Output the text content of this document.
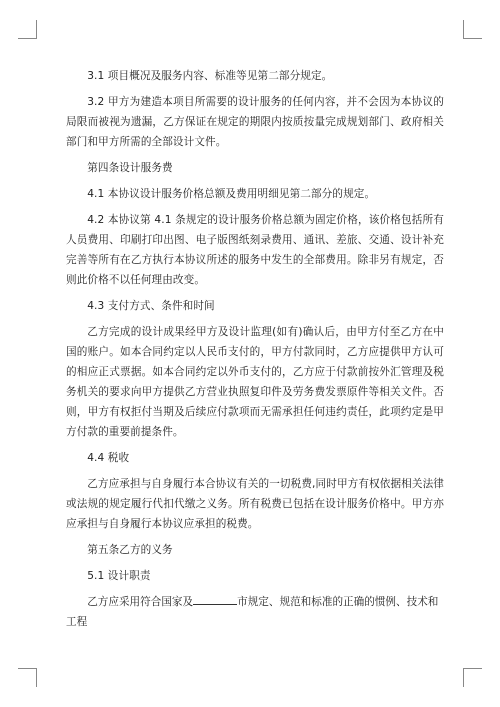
3.1 项目概况及服务内容、标准等见第二部分规定。

3.2 甲方为建造本项目所需要的设计服务的任何内容，并不会因为本协议的局限而被视为遗漏，乙方保证在规定的期限内按质按量完成规划部门、政府相关部门和甲方所需的全部设计文件。

第四条设计服务费

4.1 本协议设计服务价格总额及费用明细见第二部分的规定。

4.2 本协议第 4.1 条规定的设计服务价格总额为固定价格，该价格包括所有人员费用、印刷打印出图、电子版图纸刻录费用、通讯、差旅、交通、设计补充完善等所有在乙方执行本协议所述的服务中发生的全部费用。除非另有规定，否则此价格不以任何理由改变。

4.3 支付方式、条件和时间

乙方完成的设计成果经甲方及设计监理(如有)确认后，由甲方付至乙方在中国的账户。如本合同约定以人民币支付的，甲方付款同时，乙方应提供甲方认可的相应正式票据。如本合同约定以外币支付的，乙方应于付款前按外汇管理及税务机关的要求向甲方提供乙方营业执照复印件及劳务费发票原件等相关文件。否则，甲方有权拒付当期及后续应付款项而无需承担任何违约责任，此项约定是甲方付款的重要前提条件。

4.4 税收

乙方应承担与自身履行本合协议有关的一切税费,同时甲方有权依据相关法律或法规的规定履行代扣代缴之义务。所有税费已包括在设计服务价格中。甲方亦应承担与自身履行本协议应承担的税费。

第五条乙方的义务

5.1 设计职责

乙方应采用符合国家及	市规定、规范和标准的正确的惯例、技术和工程
